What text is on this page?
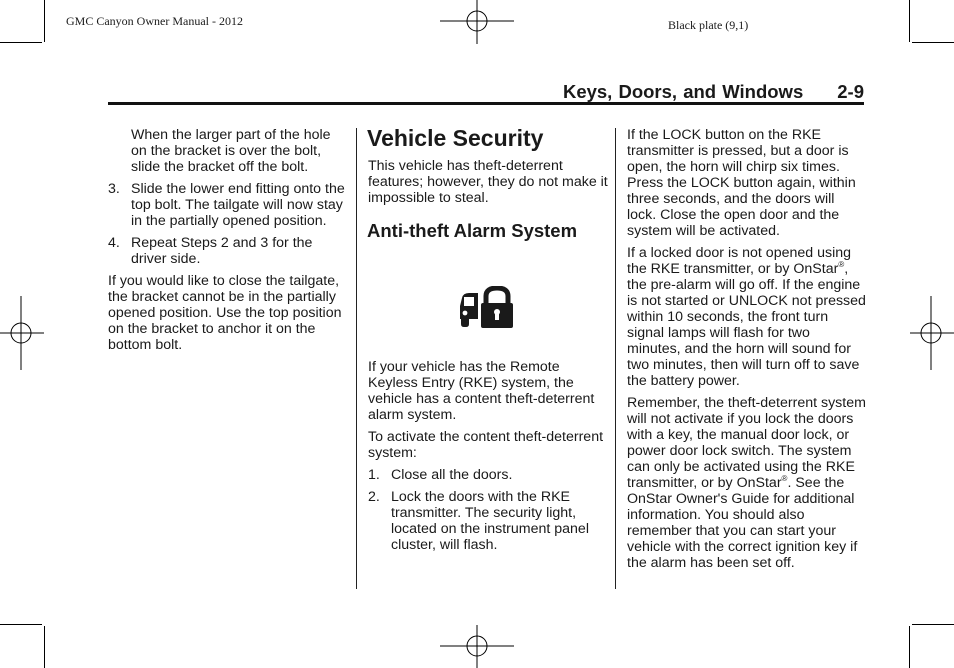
GMC Canyon Owner Manual - 2012	Black plate (9,1)
Keys, Doors, and Windows 2-9

When the larger part of the hole on the bracket is over the bolt, slide the bracket off the bolt.

3. Slide the lower end fitting onto the top bolt. The tailgate will now stay in the partially opened position.
4. Repeat Steps 2 and 3 for the driver side.

If you would like to close the tailgate, the bracket cannot be in the partially opened position. Use the top position on the bracket to anchor it on the bottom bolt.

Vehicle Security
Anti-theft Alarm System

This vehicle has theft-deterrent features; however, they do not make it impossible to steal.

If your vehicle has the Remote Keyless Entry (RKE) system, the vehicle has a content theft-deterrent alarm system.

To activate the content theft-deterrent system:

1. Close all the doors.
2. Lock the doors with the RKE transmitter. The security light, located on the instrument panel cluster, will flash.

If the LOCK button on the RKE transmitter is pressed, but a door is open, the horn will chirp six times. Press the LOCK button again, within three seconds, and the doors will lock. Close the open door and the system will be activated.

If a locked door is not opened using the RKE transmitter, or by OnStar®, the pre-alarm will go off. If the engine is not started or UNLOCK not pressed within 10 seconds, the front turn signal lamps will flash for two minutes, and the horn will sound for two minutes, then will turn off to save the battery power.

Remember, the theft-deterrent system will not activate if you lock the doors with a key, the manual door lock, or power door lock switch. The system can only be activated using the RKE transmitter, or by OnStar®. See the OnStar Owner's Guide for additional information. You should also remember that you can start your vehicle with the correct ignition key if the alarm has been set off.
